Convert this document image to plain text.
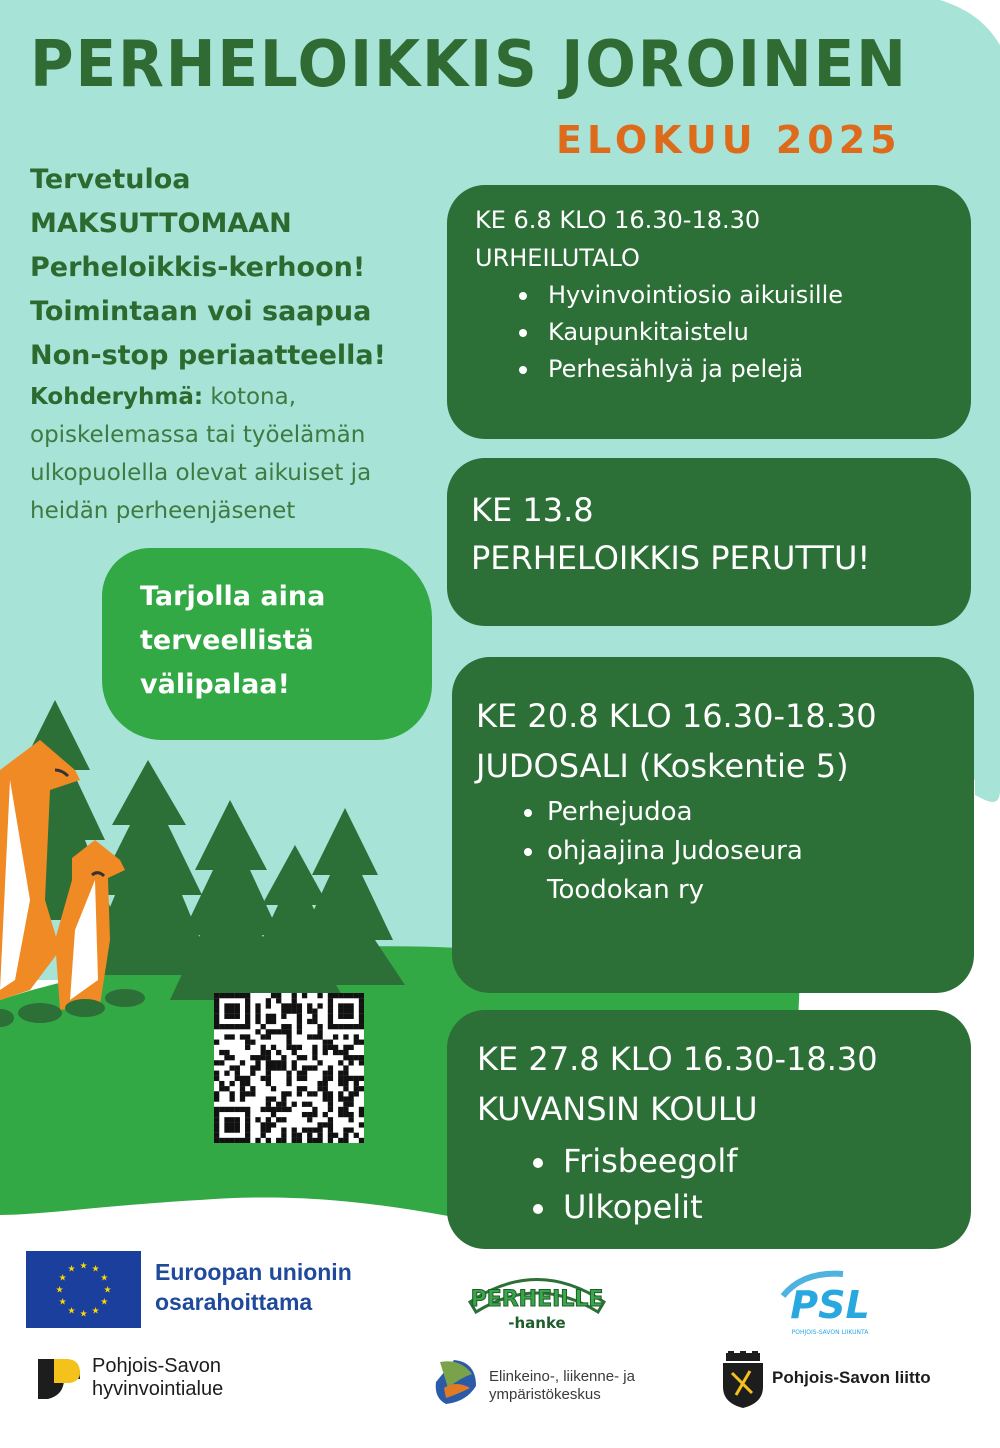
PERHELOIKKIS JOROINEN
ELOKUU 2025
Tervetuloa
MAKSUTTOMAAN
Perheloikkis-kerhoon!
Toimintaan voi saapua
Non-stop periaatteella!
Kohderyhmä: kotona, opiskelemassa tai työelämän ulkopuolella olevat aikuiset ja heidän perheenjäsenet
Tarjolla aina
terveellistä
välipalaa!
KE 6.8 KLO 16.30-18.30
URHEILUTALO
Hyvinvointiosio aikuisille
Kaupunkitaistelu
Perhesählyä ja pelejä
KE 13.8
PERHELOIKKIS PERUTTU!
KE 20.8 KLO 16.30-18.30
JUDOSALI (Koskentie 5)
Perhejudoa
ohjaajina Judoseura Toodokan ry
KE 27.8 KLO 16.30-18.30
KUVANSIN KOULU
Frisbeegolf
Ulkopelit
★
★
★
★
★
★
★
★
★ ★ ★
★ Euroopan unionin
osarahoittama	PERHEILLE
-hanke	PSL
POHJOIS-SAVON LIIKUNTA
Pohjois-Savon
hyvinvointialue
Elinkeino-, liikenne- ja
ympäristökeskus
Pohjois-Savon liitto
